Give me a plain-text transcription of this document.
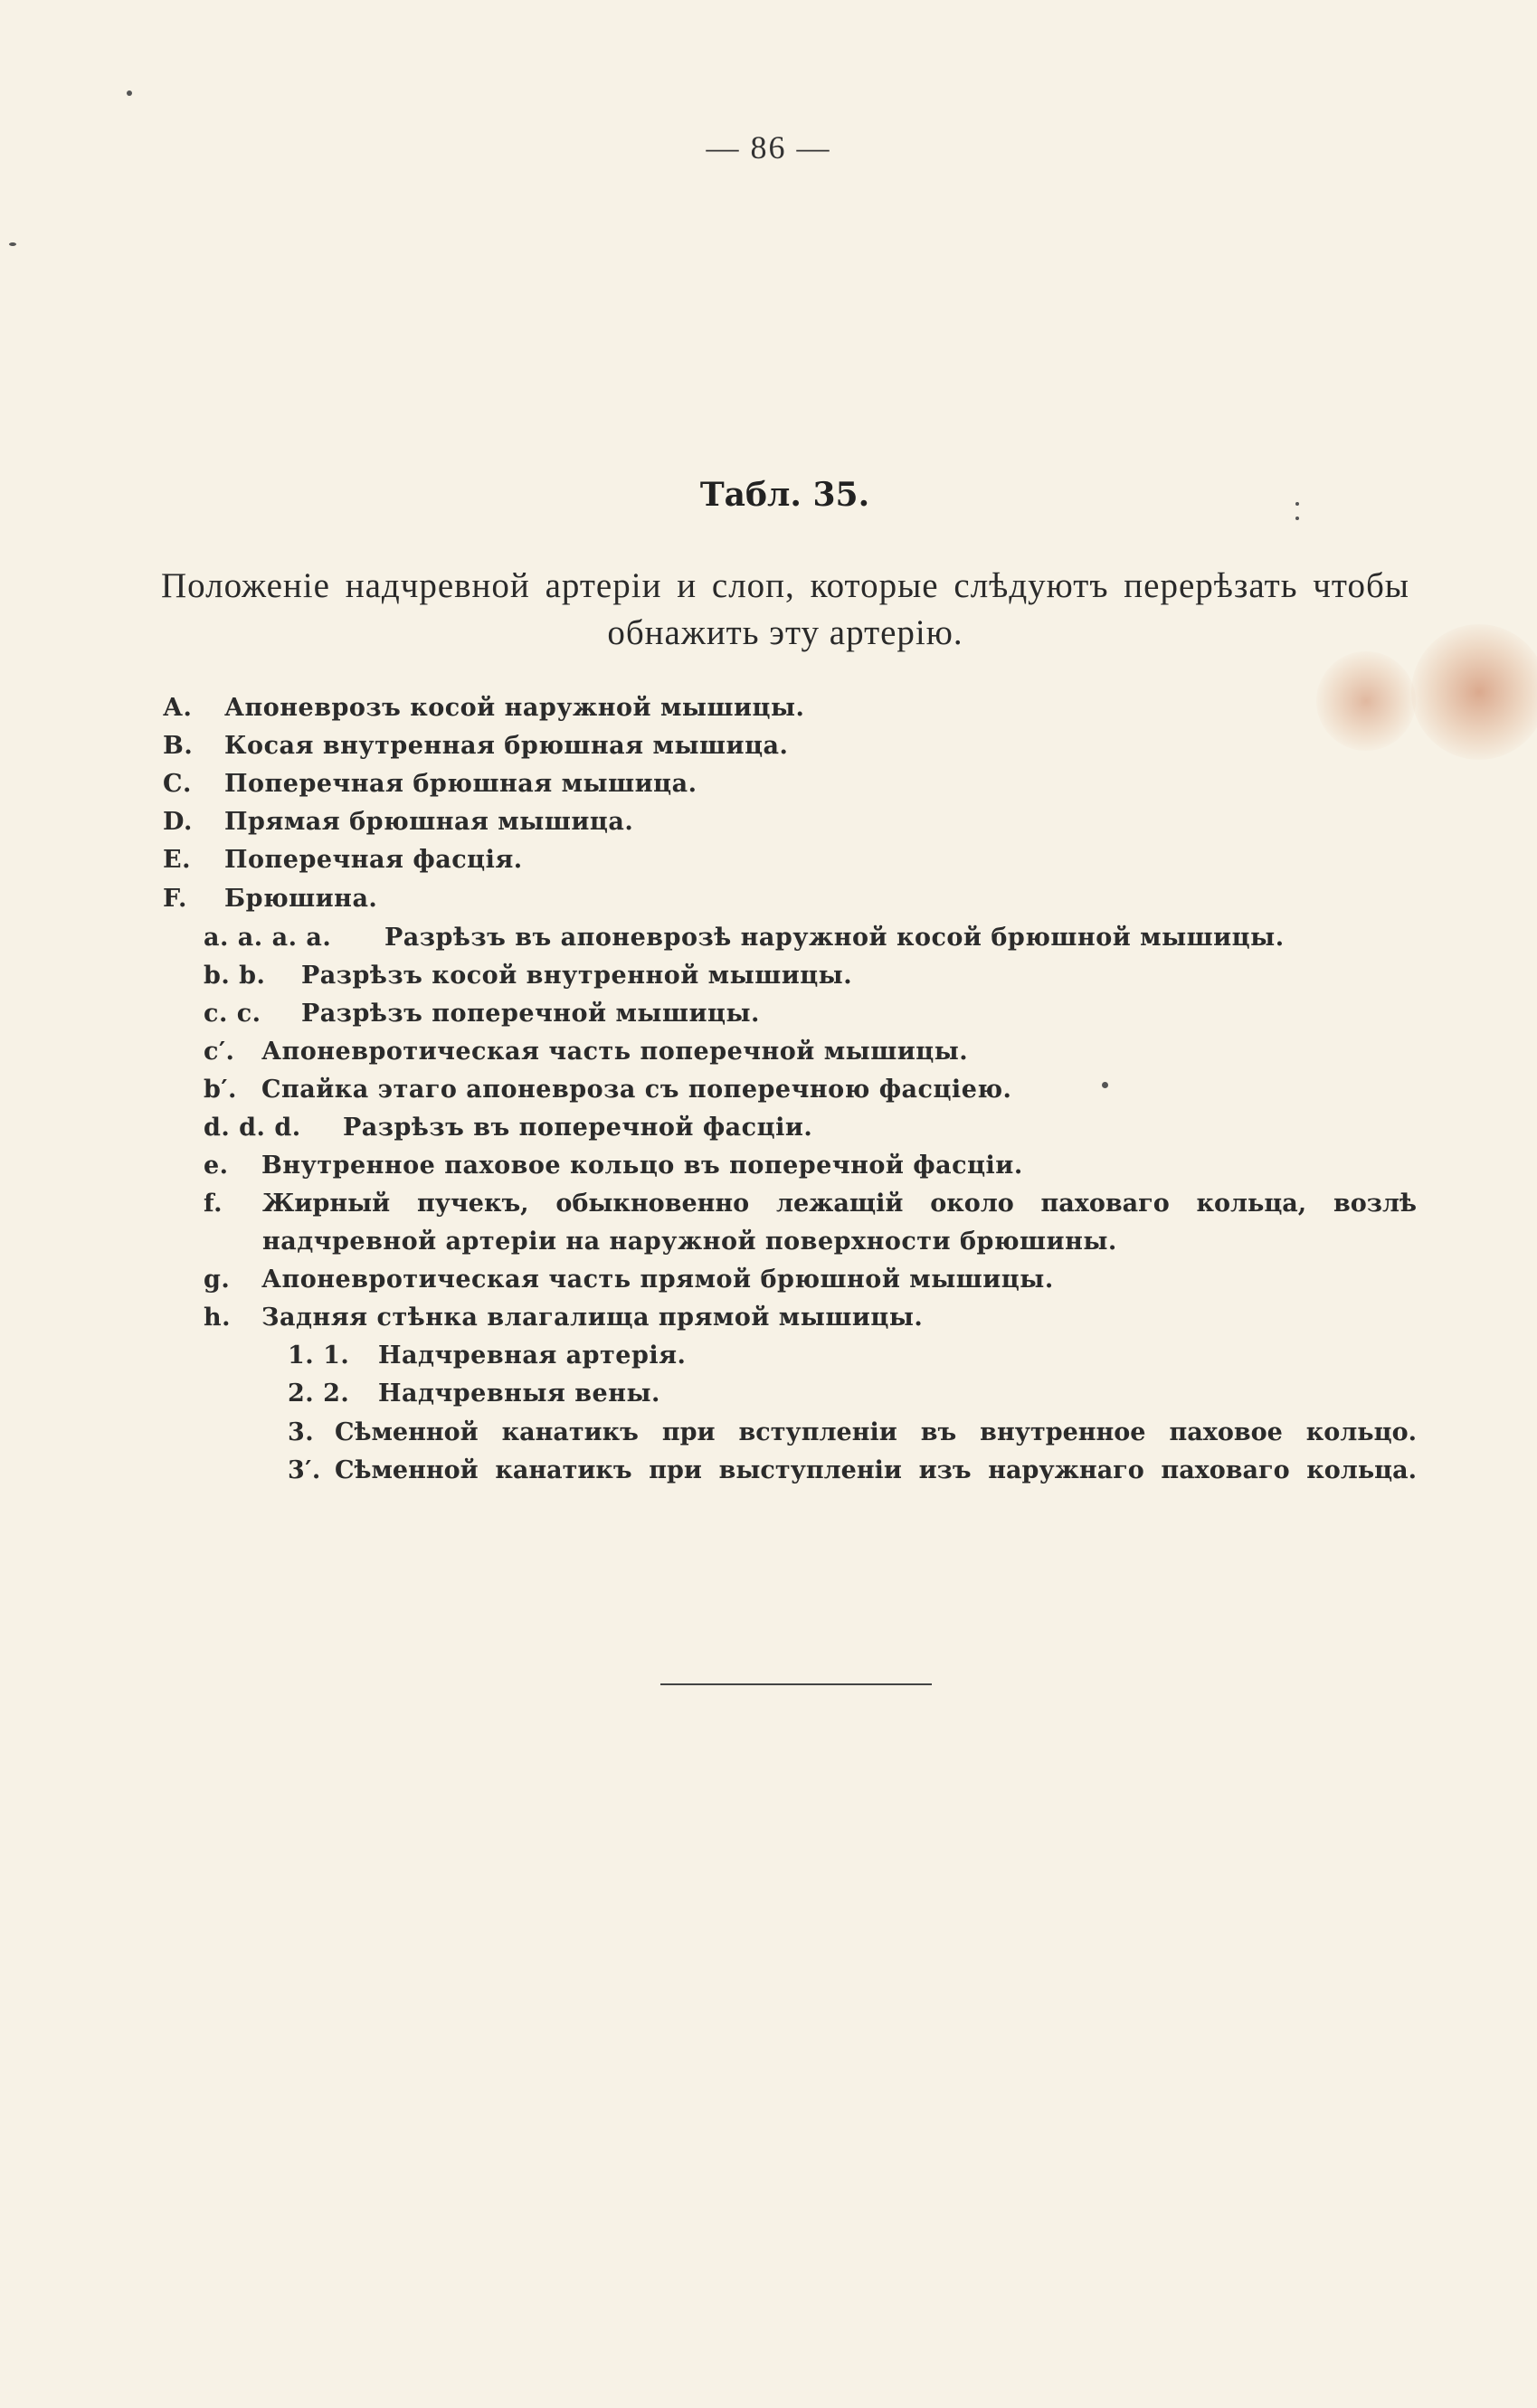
— 86 —
Табл. 35.
Положеніе надчревной артеріи и слоп, которые слѣдуютъ перерѣзать чтобы обнажить эту артерію.
А. Апоневрозъ косой наружной мышицы.
В. Косая внутренная брюшная мышица.
С. Поперечная брюшная мышица.
D. Прямая брюшная мышица.
Е. Поперечная фасція.
F. Брюшина.
a. a. a. a. Разрѣзъ въ апоневрозѣ наружной косой брюшной мышицы.
b. b. Разрѣзъ косой внутренной мышицы.
c. c. Разрѣзъ поперечной мышицы.
c′. Апоневротическая часть поперечной мышицы.
b′. Спайка этаго апоневроза съ поперечною фасціею.
d. d. d. Разрѣзъ въ поперечной фасціи.
e. Внутренное паховое кольцо въ поперечной фасціи.
f.	Жирный пучекъ, обыкновенно лежащій около паховаго кольца, возлѣ
надчревной артеріи на наружной поверхности брюшины.
g. Апоневротическая часть прямой брюшной мышицы.
h. Задняя стѣнка влагалища прямой мышицы.
1. 1. Надчревная артерія.
2. 2. Надчревныя вены.
3. Сѣменной канатикъ при вступленіи въ внутренное паховое кольцо.
3′. Сѣменной канатикъ при выступленіи изъ наружнаго паховаго кольца.
